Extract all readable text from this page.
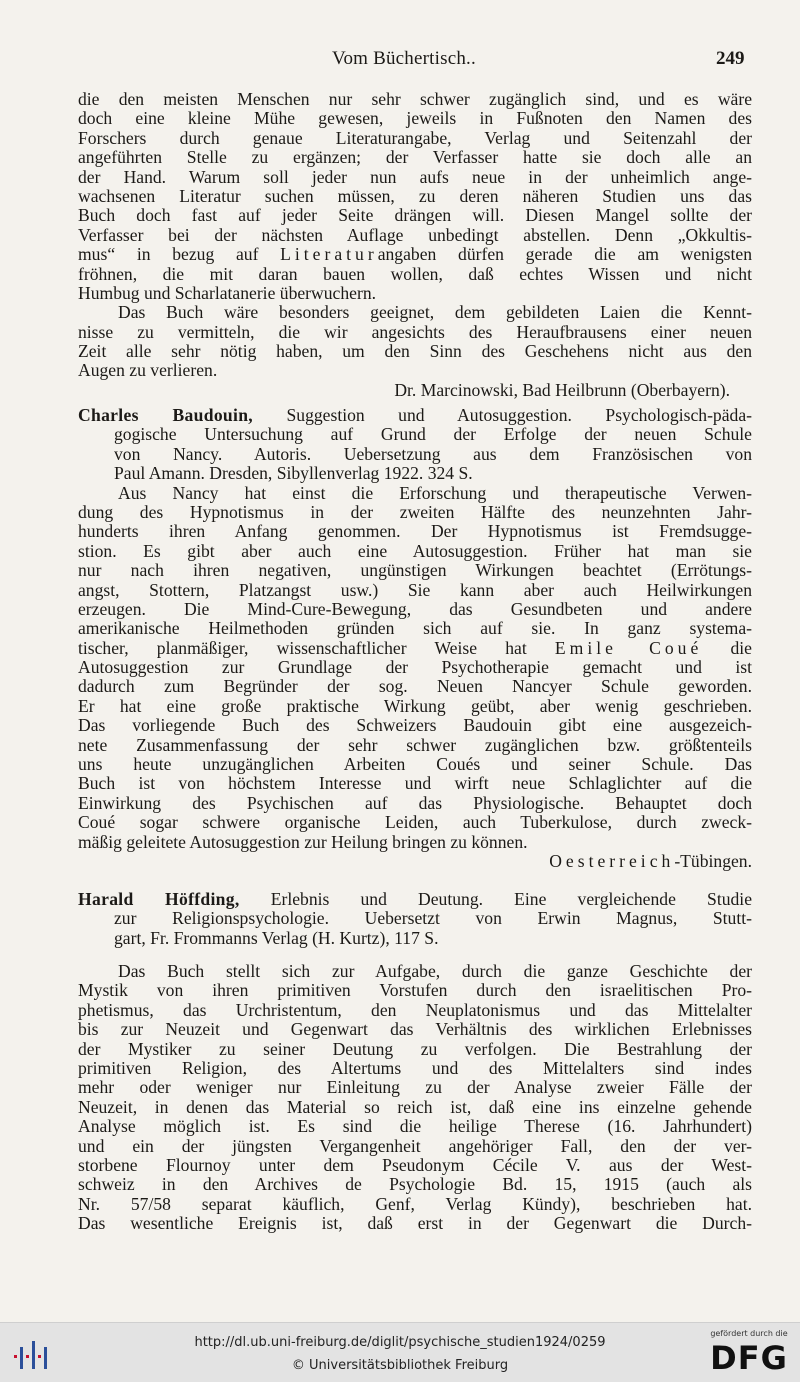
Vom Büchertisch..	249
die den meisten Menschen nur sehr schwer zugänglich sind, und es wäre
doch eine kleine Mühe gewesen, jeweils in Fußnoten den Namen des
Forschers durch genaue Literaturangabe, Verlag und Seitenzahl der
angeführten Stelle zu ergänzen; der Verfasser hatte sie doch alle an
der Hand. Warum soll jeder nun aufs neue in der unheimlich ange-
wachsenen Literatur suchen müssen, zu deren näheren Studien uns das
Buch doch fast auf jeder Seite drängen will. Diesen Mangel sollte der
Verfasser bei der nächsten Auflage unbedingt abstellen. Denn „Okkultis-
mus“ in bezug auf Literaturangaben dürfen gerade die am wenigsten
fröhnen, die mit daran bauen wollen, daß echtes Wissen und nicht
Humbug und Scharlatanerie überwuchern.
Das Buch wäre besonders geeignet, dem gebildeten Laien die Kennt-
nisse zu vermitteln, die wir angesichts des Heraufbrausens einer neuen
Zeit alle sehr nötig haben, um den Sinn des Geschehens nicht aus den
Augen zu verlieren.
Dr. Marcinowski, Bad Heilbrunn (Oberbayern).
Charles Baudouin, Suggestion und Autosuggestion. Psychologisch-päda-
gogische Untersuchung auf Grund der Erfolge der neuen Schule
von Nancy. Autoris. Uebersetzung aus dem Französischen von
Paul Amann. Dresden, Sibyllenverlag 1922. 324 S.
Aus Nancy hat einst die Erforschung und therapeutische Verwen-
dung des Hypnotismus in der zweiten Hälfte des neunzehnten Jahr-
hunderts ihren Anfang genommen. Der Hypnotismus ist Fremdsugge-
stion. Es gibt aber auch eine Autosuggestion. Früher hat man sie
nur nach ihren negativen, ungünstigen Wirkungen beachtet (Errötungs-
angst, Stottern, Platzangst usw.) Sie kann aber auch Heilwirkungen
erzeugen. Die Mind-Cure-Bewegung, das Gesundbeten und andere
amerikanische Heilmethoden gründen sich auf sie. In ganz systema-
tischer, planmäßiger, wissenschaftlicher Weise hat Emile Coué die
Autosuggestion zur Grundlage der Psychotherapie gemacht und ist
dadurch zum Begründer der sog. Neuen Nancyer Schule geworden.
Er hat eine große praktische Wirkung geübt, aber wenig geschrieben.
Das vorliegende Buch des Schweizers Baudouin gibt eine ausgezeich-
nete Zusammenfassung der sehr schwer zugänglichen bzw. größtenteils
uns heute unzugänglichen Arbeiten Coués und seiner Schule. Das
Buch ist von höchstem Interesse und wirft neue Schlaglichter auf die
Einwirkung des Psychischen auf das Physiologische. Behauptet doch
Coué sogar schwere organische Leiden, auch Tuberkulose, durch zweck-
mäßig geleitete Autosuggestion zur Heilung bringen zu können.
Oesterreich-Tübingen.
Harald Höffding, Erlebnis und Deutung. Eine vergleichende Studie
zur Religionspsychologie. Uebersetzt von Erwin Magnus, Stutt-
gart, Fr. Frommanns Verlag (H. Kurtz), 117 S.
Das Buch stellt sich zur Aufgabe, durch die ganze Geschichte der
Mystik von ihren primitiven Vorstufen durch den israelitischen Pro-
phetismus, das Urchristentum, den Neuplatonismus und das Mittelalter
bis zur Neuzeit und Gegenwart das Verhältnis des wirklichen Erlebnisses
der Mystiker zu seiner Deutung zu verfolgen. Die Bestrahlung der
primitiven Religion, des Altertums und des Mittelalters sind indes
mehr oder weniger nur Einleitung zu der Analyse zweier Fälle der
Neuzeit, in denen das Material so reich ist, daß eine ins einzelne gehende
Analyse möglich ist. Es sind die heilige Therese (16. Jahrhundert)
und ein der jüngsten Vergangenheit angehöriger Fall, den der ver-
storbene Flournoy unter dem Pseudonym Cécile V. aus der West-
schweiz in den Archives de Psychologie Bd. 15, 1915 (auch als
Nr. 57/58 separat käuflich, Genf, Verlag Kündy), beschrieben hat.
Das wesentliche Ereignis ist, daß erst in der Gegenwart die Durch-
http://dl.ub.uni-freiburg.de/diglit/psychische_studien1924/0259
© Universitätsbibliothek Freiburg
gefördert durch die
DFG
